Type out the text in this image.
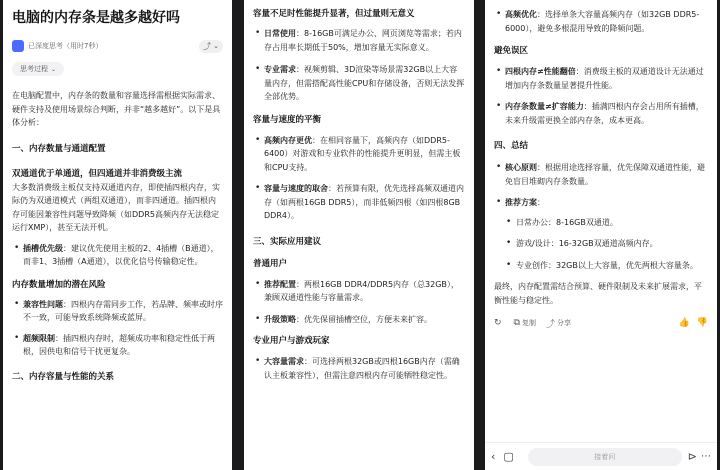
电脑的内存条是越多越好吗
已深度思考（用时7秒）	⤴ ⌄
思考过程 ⌄

在电脑配置中，内存条的数量和容量选择需根据实际需求、硬件支持及使用场景综合判断，并非“越多越好”。以下是具体分析：

一、内存数量与通道配置
双通道优于单通道，但四通道并非消费级主流

大多数消费级主板仅支持双通道内存，即使插四根内存，实际仍为双通道模式（两组双通道），而非四通道。插四根内存可能因兼容性问题导致降频（如DDR5高频内存无法稳定运行XMP），甚至无法开机。

• 插槽优先级：建议优先使用主板的2、4插槽（B通道），而非1、3插槽（A通道），以优化信号传输稳定性。
内存数量增加的潜在风险
• 兼容性问题：四根内存需同步工作，若品牌、频率或时序不一致，可能导致系统降频或蓝屏。
• 超频限制：插四根内存时，超频成功率和稳定性低于两根，因供电和信号干扰更复杂。
二、内存容量与性能的关系
容量不足时性能提升显著，但过量则无意义
• 日常使用：8-16GB可满足办公、网页浏览等需求；若内存占用率长期低于50%，增加容量无实际意义。
• 专业需求：视频剪辑、3D渲染等场景需32GB以上大容量内存，但需搭配高性能CPU和存储设备，否则无法发挥全部优势。
容量与速度的平衡
• 高频内存更优：在相同容量下，高频内存（如DDR5-6400）对游戏和专业软件的性能提升更明显，但需主板和CPU支持。
• 容量与速度的取舍：若预算有限，优先选择高频双通道内存（如两根16GB DDR5），而非低频四根（如四根8GB DDR4）。
三、实际应用建议
普通用户
• 推荐配置：两根16GB DDR4/DDR5内存（总32GB），兼顾双通道性能与容量需求。
• 升级策略：优先保留插槽空位，方便未来扩容。
专业用户与游戏玩家
• 大容量需求：可选择两根32GB或四根16GB内存（需确认主板兼容性），但需注意四根内存可能牺牲稳定性。
• 高频优化：选择单条大容量高频内存（如32GB DDR5-6000），避免多根混用导致的降频问题。
避免误区
• 四根内存≠性能翻倍：消费级主板的双通道设计无法通过增加内存条数量显著提升性能。
• 内存条数量≠扩容能力：插满四根内存会占用所有插槽，未来升级需更换全部内存条，成本更高。
四、总结
• 核心原则：根据用途选择容量，优先保障双通道性能，避免盲目堆砌内存条数量。
• 推荐方案：
• 日常办公：8-16GB双通道。
• 游戏/设计：16-32GB双通道高频内存。
• 专业创作：32GB以上大容量，优先两根大容量条。

最终，内存配置需结合预算、硬件限制及未来扩展需求，平衡性能与稳定性。

↻ ⧉ 复制 ⤴ 分享	👍 👎
‹ ▢	接着问	⊳ ⋯
